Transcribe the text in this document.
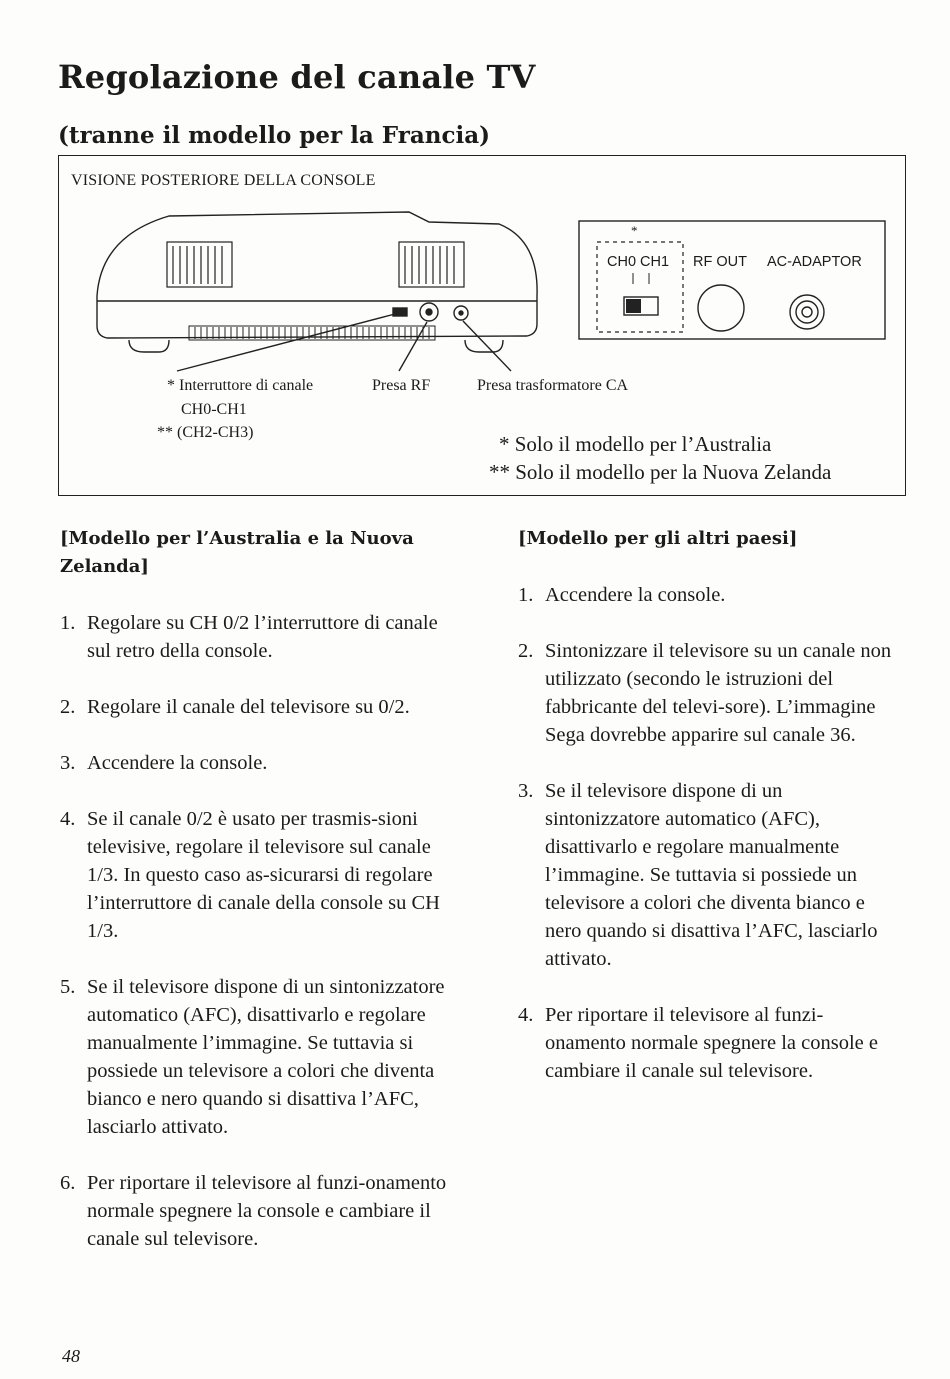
Regolazione del canale TV
(tranne il modello per la Francia)
VISIONE POSTERIORE DELLA CONSOLE
*
CH0 CH1 RF OUT AC-ADAPTOR
* Interruttore di canale
CH0-CH1
** (CH2-CH3)
Presa RF	Presa trasformatore CA
* Solo il modello per l’Australia
** Solo il modello per la Nuova Zelanda

[Modello per l’Australia e la Nuova Zelanda]

1. Regolare su CH 0/2 l’interruttore di canale sul retro della console.
2. Regolare il canale del televisore su 0/2.
3. Accendere la console.
4. Se il canale 0/2 è usato per trasmis-sioni televisive, regolare il televisore sul canale 1/3. In questo caso as-sicurarsi di regolare l’interruttore di canale della console su CH 1/3.
5. Se il televisore dispone di un sintonizzatore automatico (AFC), disattivarlo e regolare manualmente l’immagine. Se tuttavia si possiede un televisore a colori che diventa bianco e nero quando si disattiva l’AFC, lasciarlo attivato.
6. Per riportare il televisore al funzi-onamento normale spegnere la console e cambiare il canale sul televisore.

[Modello per gli altri paesi]

1. Accendere la console.
2. Sintonizzare il televisore su un canale non utilizzato (secondo le istruzioni del fabbricante del televi-sore). L’immagine Sega dovrebbe apparire sul canale 36.
3. Se il televisore dispone di un sintonizzatore automatico (AFC), disattivarlo e regolare manualmente l’immagine. Se tuttavia si possiede un televisore a colori che diventa bianco e nero quando si disattiva l’AFC, lasciarlo attivato.
4. Per riportare il televisore al funzi-onamento normale spegnere la console e cambiare il canale sul televisore.
48
